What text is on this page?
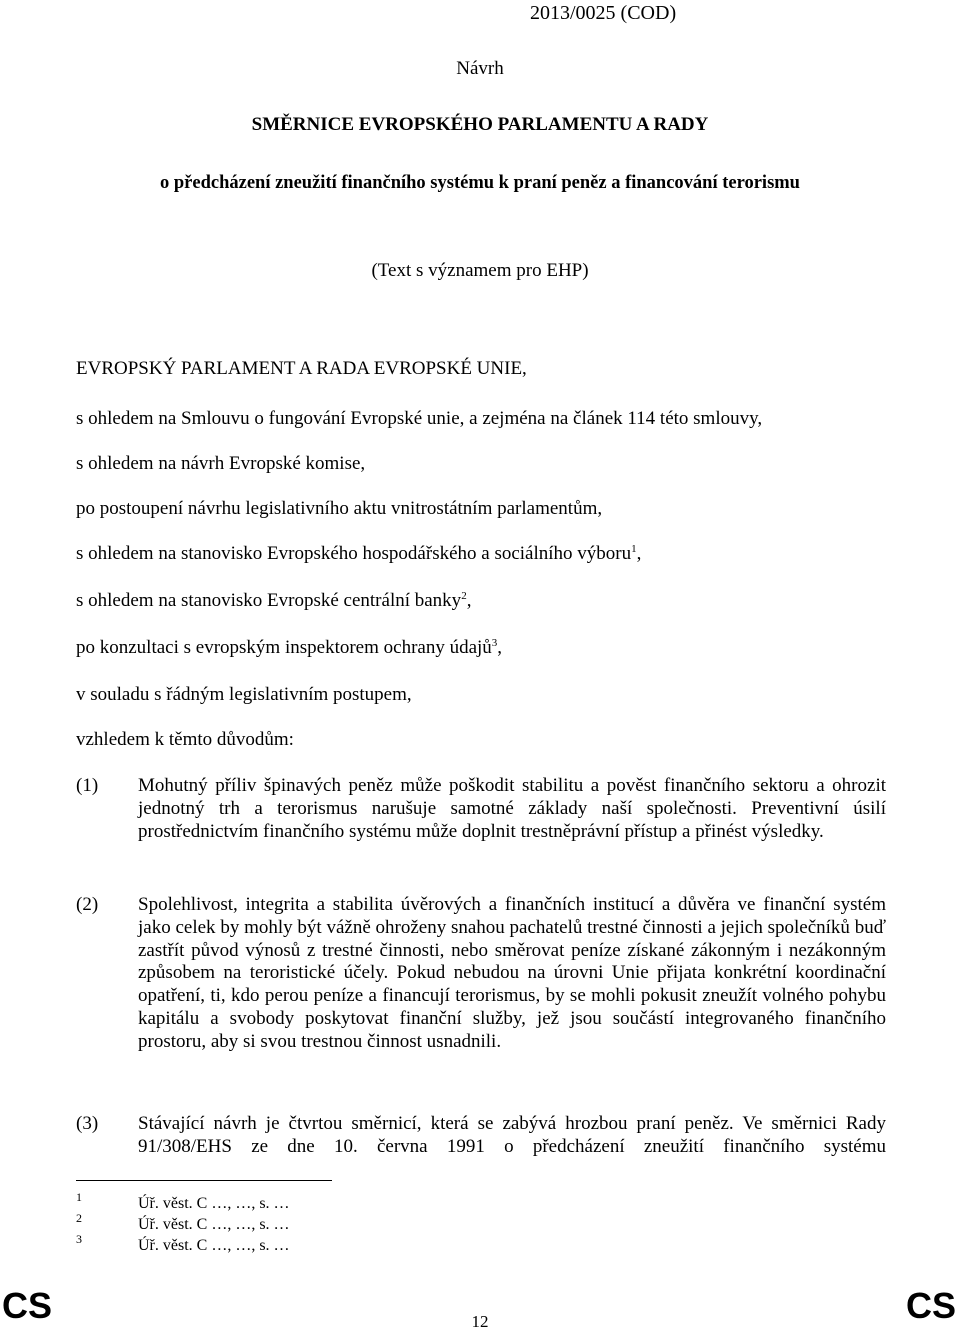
2013/0025 (COD)
Návrh
SMĚRNICE EVROPSKÉHO PARLAMENTU A RADY
o předcházení zneužití finančního systému k praní peněz a financování terorismu
(Text s významem pro EHP)
EVROPSKÝ PARLAMENT A RADA EVROPSKÉ UNIE,
s ohledem na Smlouvu o fungování Evropské unie, a zejména na článek 114 této smlouvy,
s ohledem na návrh Evropské komise,
po postoupení návrhu legislativního aktu vnitrostátním parlamentům,
s ohledem na stanovisko Evropského hospodářského a sociálního výboru$^1$,
s ohledem na stanovisko Evropské centrální banky$^2$,
po konzultaci s evropským inspektorem ochrany údajů$^3$,
v souladu s řádným legislativním postupem,
vzhledem k těmto důvodům:
(1) Mohutný příliv špinavých peněz může poškodit stabilitu a pověst finančního sektoru a ohrozit jednotný trh a terorismus narušuje samotné základy naší společnosti. Preventivní úsilí prostřednictvím finančního systému může doplnit trestněprávní přístup a přinést výsledky.

(2) Spolehlivost, integrita a stabilita úvěrových a finančních institucí a důvěra ve finanční systém jako celek by mohly být vážně ohroženy snahou pachatelů trestné činnosti a jejich společníků buď zastřít původ výnosů z trestné činnosti, nebo směrovat peníze získané zákonným i nezákonným způsobem na teroristické účely. Pokud nebudou na úrovni Unie přijata konkrétní koordinační opatření, ti, kdo perou peníze a financují terorismus, by se mohli pokusit zneužít volného pohybu kapitálu a svobody poskytovat finanční služby, jež jsou součástí integrovaného finančního prostoru, aby si svou trestnou činnost usnadnili.

(3) Stávající návrh je čtvrtou směrnicí, která se zabývá hrozbou praní peněz. Ve směrnici Rady 91/308/EHS ze dne 10. června 1991 o předcházení zneužití finančního systému

1	Úř. věst. C …, …, s. …
2	Úř. věst. C …, …, s. …
3	Úř. věst. C …, …, s. …
CS	12	CS
